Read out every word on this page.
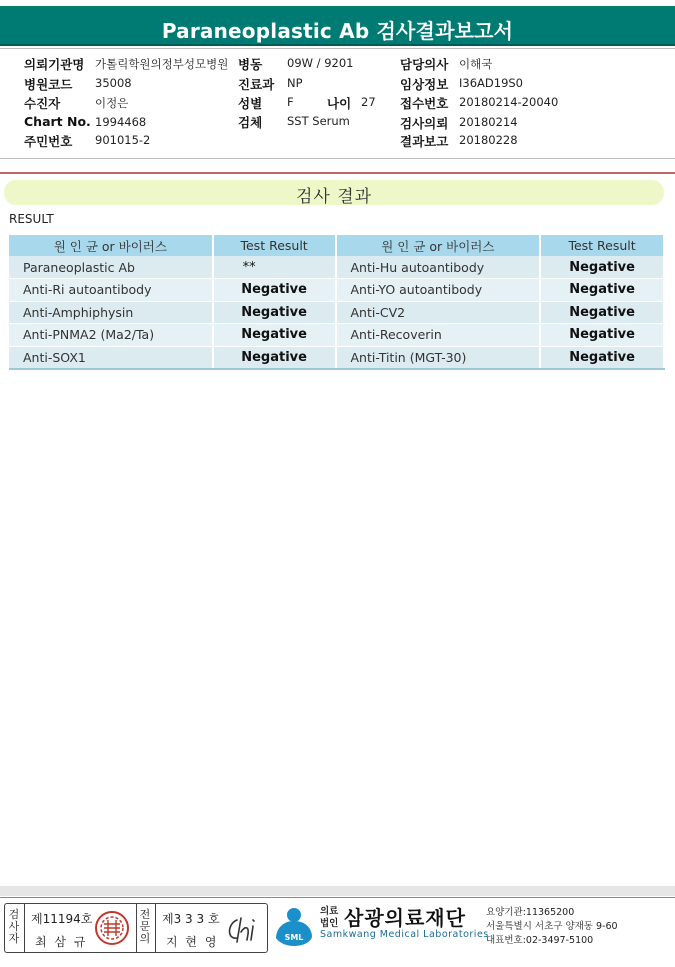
Paraneoplastic Ab 검사결과보고서
의뢰기관명 가톨릭학원의정부성모병원 병동 09W / 9201	담당의사 이해국
병원코드 35008	진료과 NP	임상정보 I36AD19S0
수진자	이정은	성별 F	나이 27 접수번호 20180214-20040
Chart No. 1994468	검체 SST Serum	검사의뢰 20180214
주민번호 901015-2	결과보고 20180228
검사 결과
RESULT
원 인 균 or 바이러스	Test Result	원 인 균 or 바이러스	Test Result
Paraneoplastic Ab	**	Anti-Hu autoantibody	Negative
Anti-Ri autoantibody	Negative	Anti-YO autoantibody	Negative
Anti-Amphiphysin	Negative	Anti-CV2	Negative
Anti-PNMA2 (Ma2/Ta)	Negative	Anti-Recoverin	Negative
Anti-SOX1	Negative	Anti-Titin (MGT-30)	Negative
검사자
제11194호
최 삼 규
전문의
제3 3 3 호
지 현 영	SML
의료법인 삼광의료재단
Samkwang Medical Laboratories
요양기관:11365200
서울특별시 서초구 양재동 9-60
대표번호:02-3497-5100
